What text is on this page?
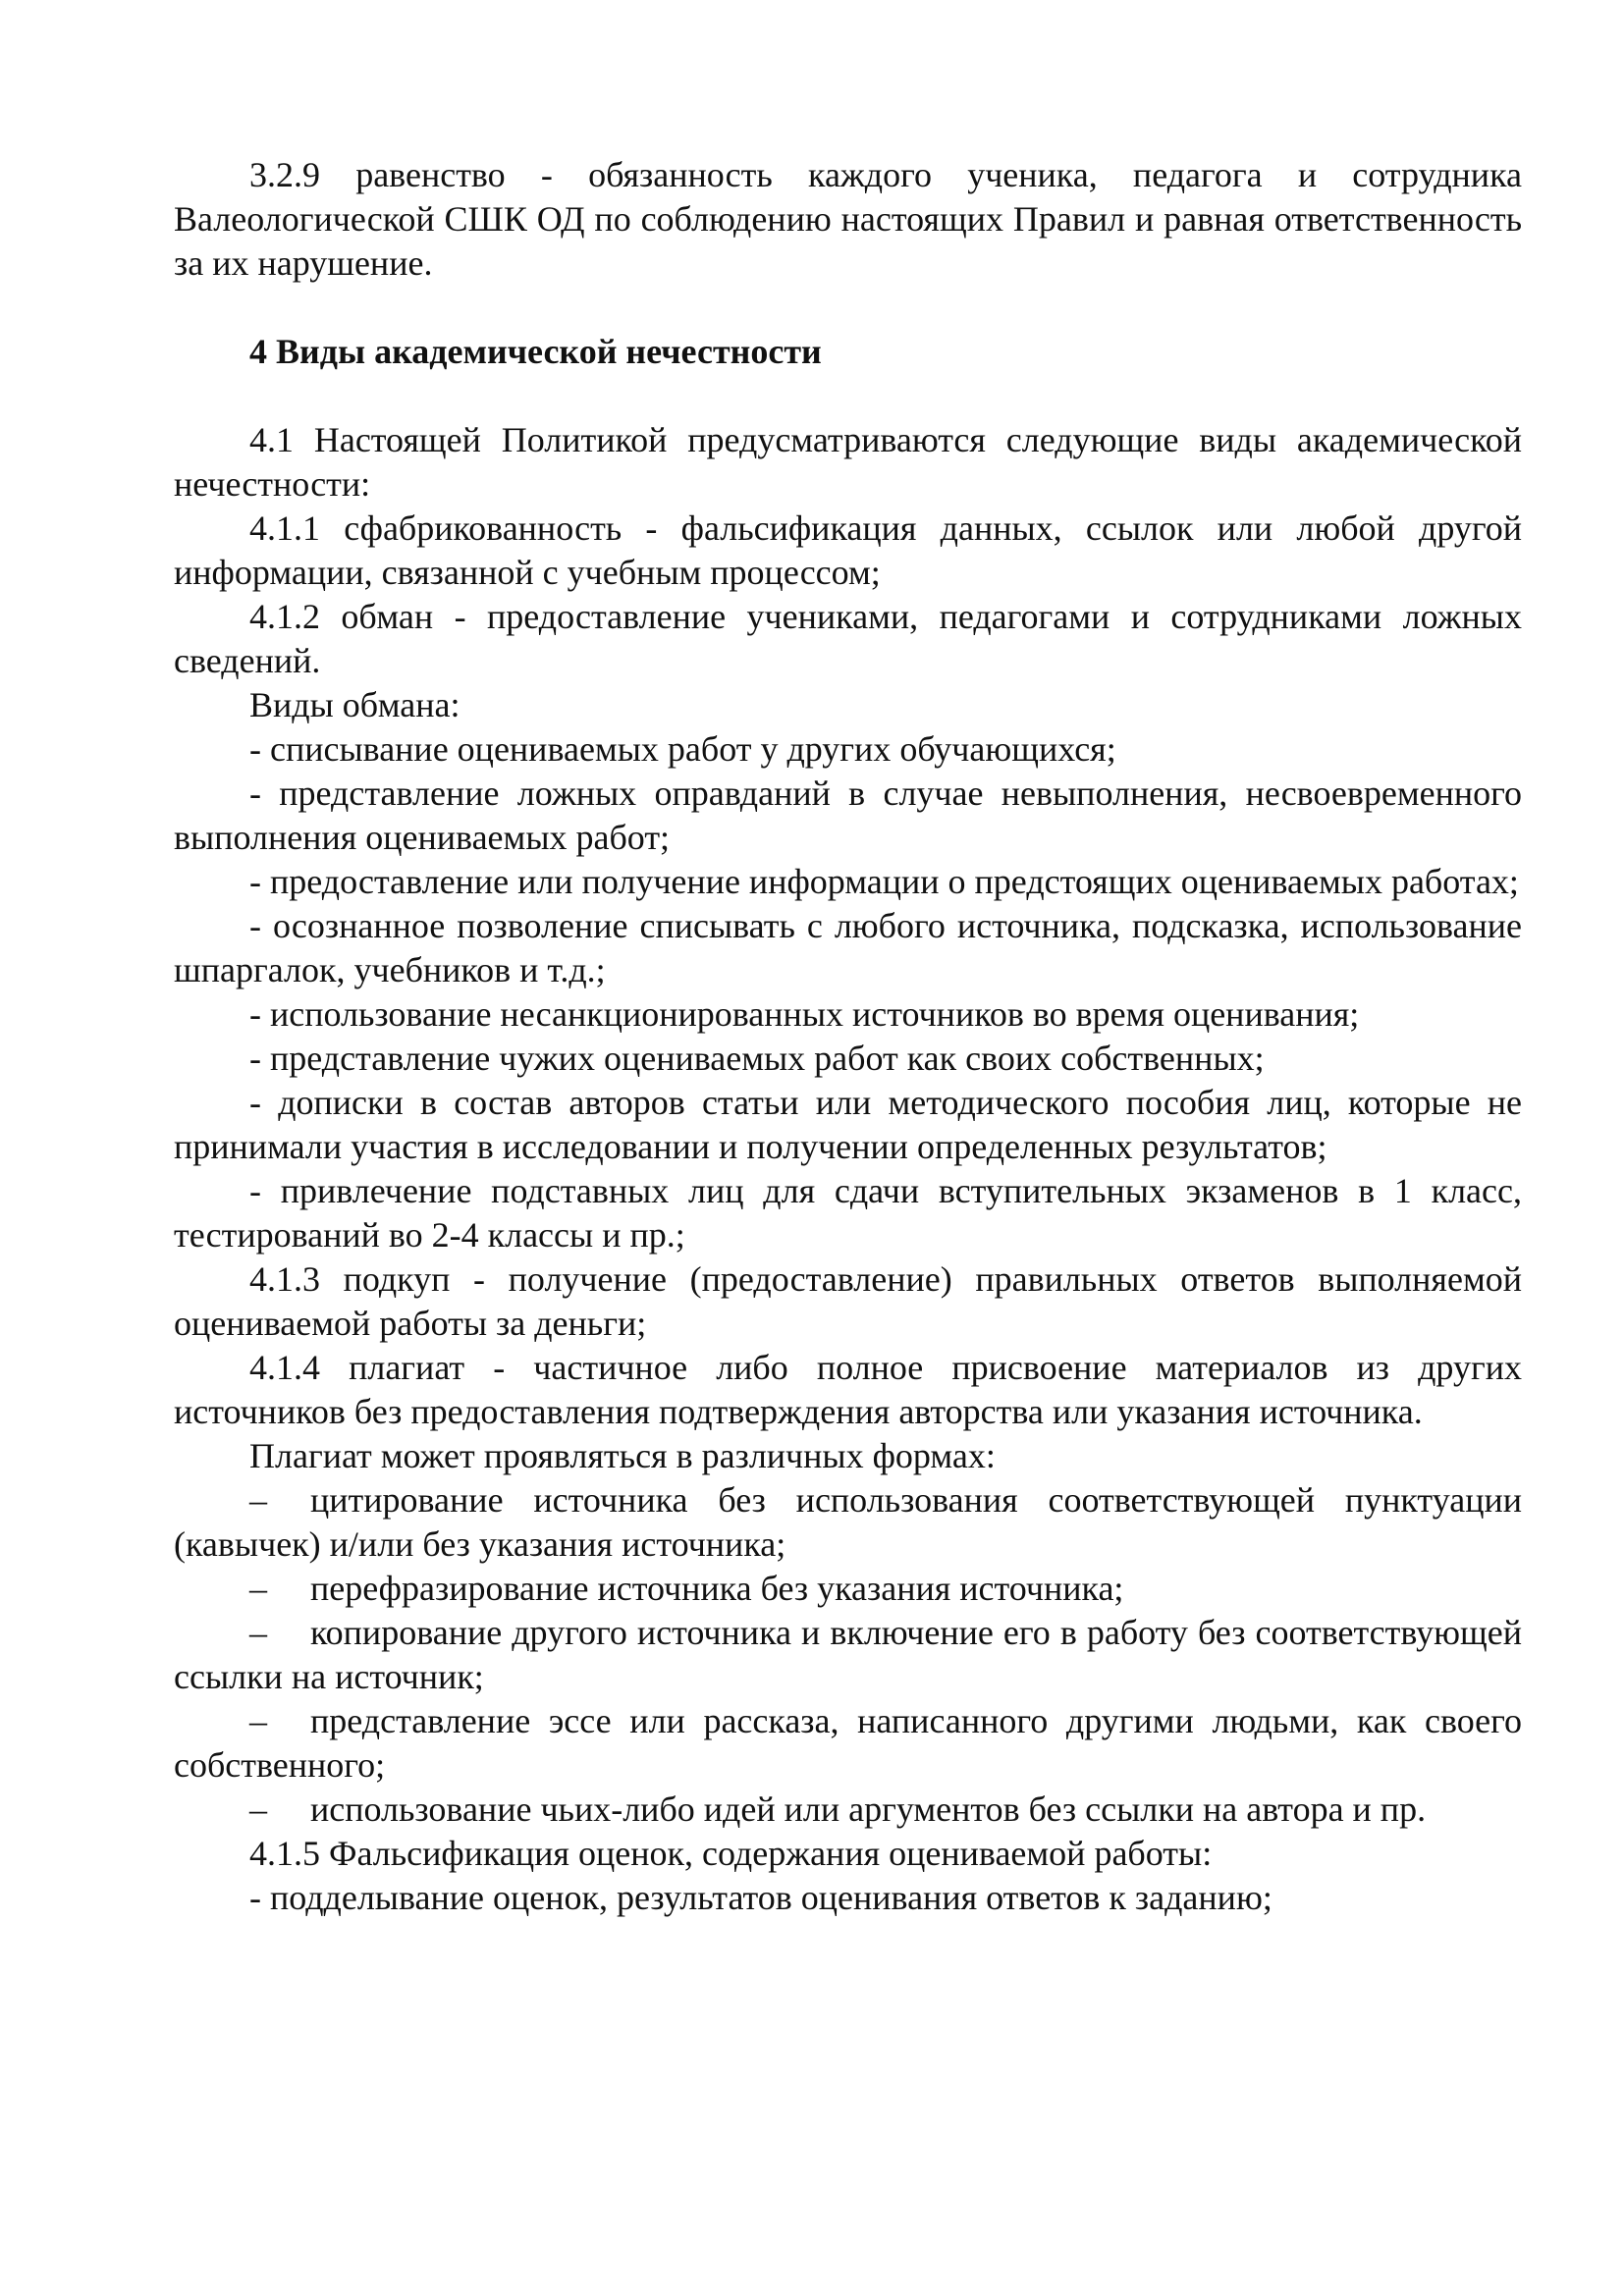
3.2.9 равенство - обязанность каждого ученика, педагога и сотрудника Валеологической СШК ОД по соблюдению настоящих Правил и равная ответственность за их нарушение.

4 Виды академической нечестности

4.1 Настоящей Политикой предусматриваются следующие виды академической нечестности:

4.1.1 сфабрикованность - фальсификация данных, ссылок или любой другой информации, связанной с учебным процессом;

4.1.2 обман - предоставление учениками, педагогами и сотрудниками ложных сведений.

Виды обмана:

- списывание оцениваемых работ у других обучающихся;

- представление ложных оправданий в случае невыполнения, несвоевременного выполнения оцениваемых работ;

- предоставление или получение информации о предстоящих оцениваемых работах;

- осознанное позволение списывать с любого источника, подсказка, использование шпаргалок, учебников и т.д.;

- использование несанкционированных источников во время оценивания;

- представление чужих оцениваемых работ как своих собственных;

- дописки в состав авторов статьи или методического пособия лиц, которые не принимали участия в исследовании и получении определенных результатов;

- привлечение подставных лиц для сдачи вступительных экзаменов в 1 класс, тестирований во 2-4 классы и пр.;

4.1.3 подкуп - получение (предоставление) правильных ответов выполняемой оцениваемой работы за деньги;

4.1.4 плагиат - частичное либо полное присвоение материалов из других источников без предоставления подтверждения авторства или указания источника.

Плагиат может проявляться в различных формах:

– цитирование источника без использования соответствующей пунктуации (кавычек) и/или без указания источника;

– перефразирование источника без указания источника;

– копирование другого источника и включение его в работу без соответствующей ссылки на источник;

– представление эссе или рассказа, написанного другими людьми, как своего собственного;

– использование чьих-либо идей или аргументов без ссылки на автора и пр.

4.1.5 Фальсификация оценок, содержания оцениваемой работы:

- подделывание оценок, результатов оценивания ответов к заданию;
